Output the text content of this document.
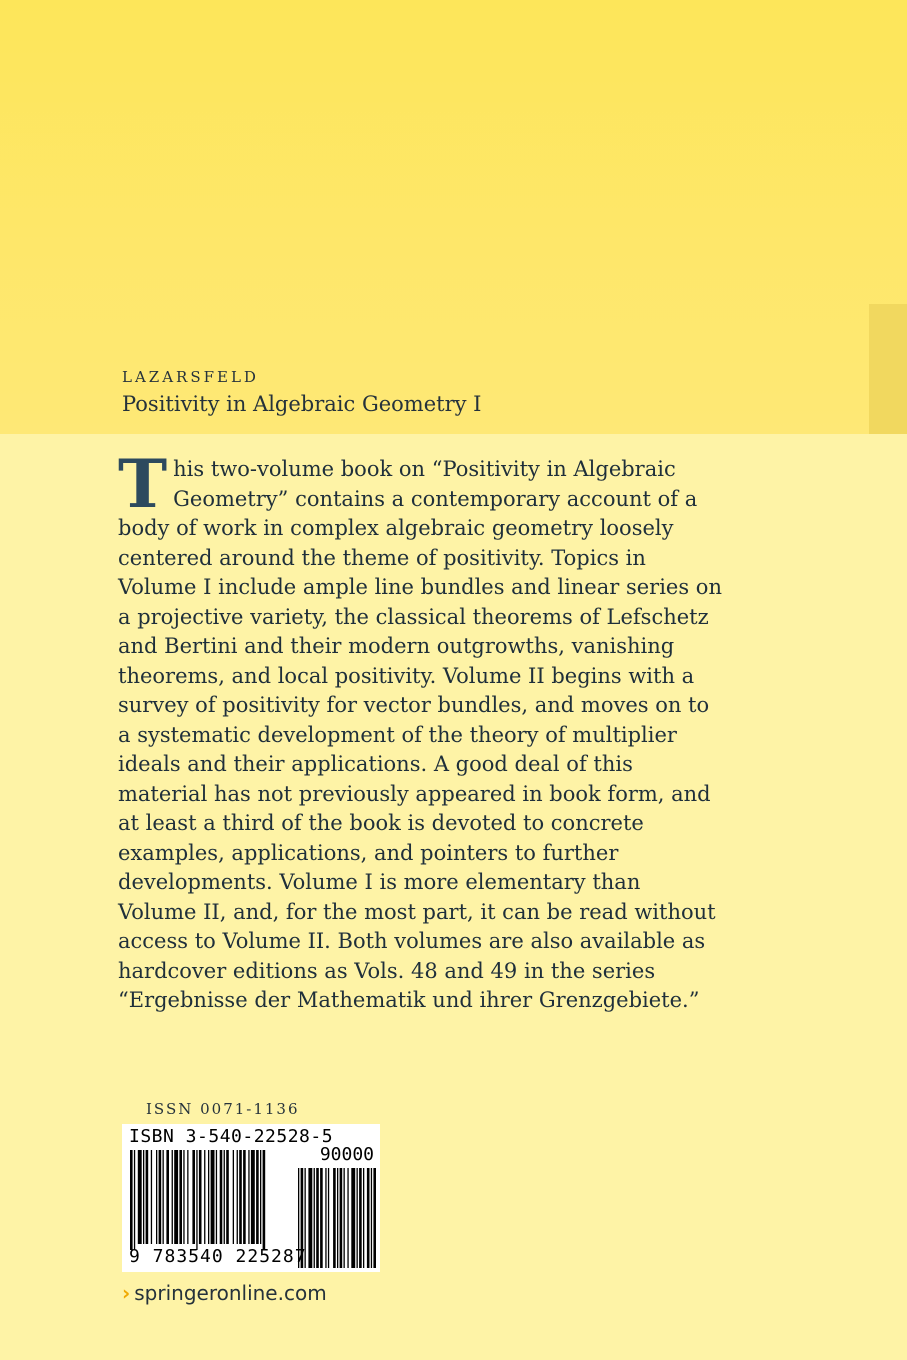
LAZARSFELD
Positivity in Algebraic Geometry I
T his two-volume book on “Positivity in Algebraic Geometry” contains a contemporary account of a body of work in complex algebraic geometry loosely centered around the theme of positivity. Topics in Volume I include ample line bundles and linear series on a projective variety, the classical theorems of Lefschetz and Bertini and their modern outgrowths, vanishing theorems, and local positivity. Volume II begins with a survey of positivity for vector bundles, and moves on to a systematic development of the theory of multiplier ideals and their applications. A good deal of this material has not previously appeared in book form, and at least a third of the book is devoted to concrete examples, applications, and pointers to further developments. Volume I is more elementary than Volume II, and, for the most part, it can be read without access to Volume II. Both volumes are also available as hardcover editions as Vols. 48 and 49 in the series “Ergebnisse der Mathematik und ihrer Grenzgebiete.”
ISSN 0071-1136
ISBN 3-540-22528-5
90000
9 783540 225287
› springeronline.com
